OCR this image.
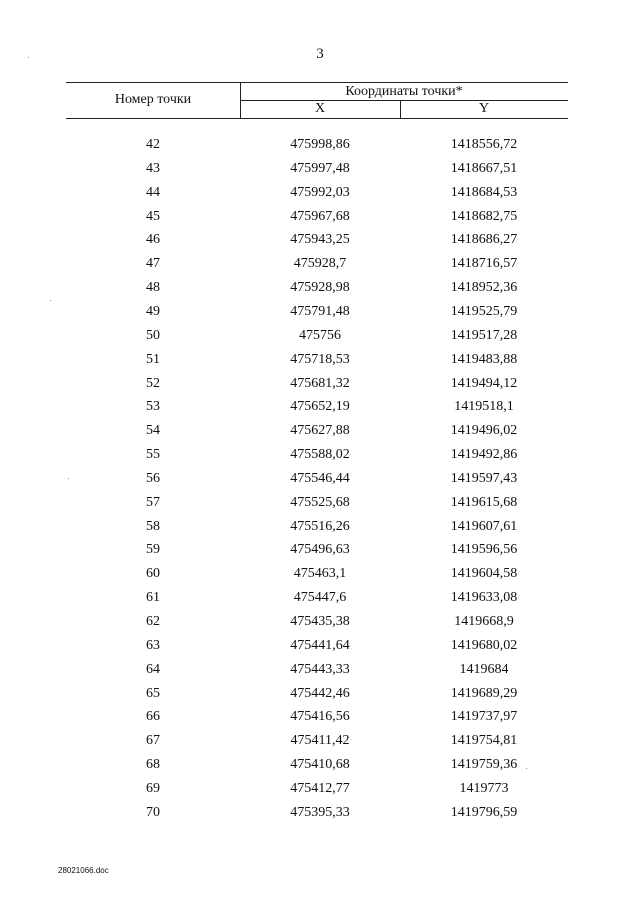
3
Номер точки
Координаты точки*
X	Y
42	475998,86	1418556,72
43	475997,48	1418667,51
44	475992,03	1418684,53
45	475967,68	1418682,75
46	475943,25	1418686,27
47	475928,7	1418716,57
48	475928,98	1418952,36
49	475791,48	1419525,79
50	475756	1419517,28
51	475718,53	1419483,88
52	475681,32	1419494,12
53	475652,19	1419518,1
54	475627,88	1419496,02
55	475588,02	1419492,86
56	475546,44	1419597,43
57	475525,68	1419615,68
58	475516,26	1419607,61
59	475496,63	1419596,56
60	475463,1	1419604,58
61	475447,6	1419633,08
62	475435,38	1419668,9
63	475441,64	1419680,02
64	475443,33	1419684
65	475442,46	1419689,29
66	475416,56	1419737,97
67	475411,42	1419754,81
68	475410,68	1419759,36
69	475412,77	1419773
70	475395,33	1419796,59
28021066.doc
